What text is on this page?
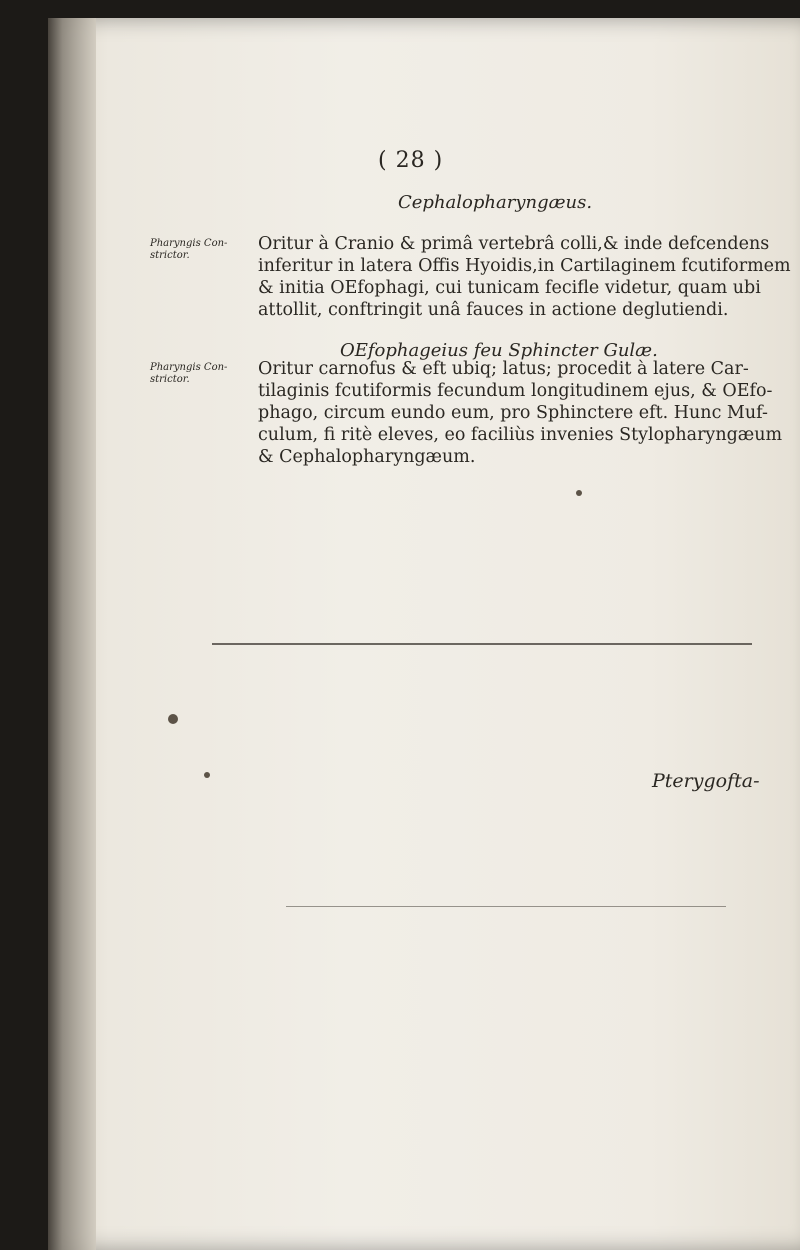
( 28 )
Cephalopharyngæus.
Pharyngis Con-strictor.
Oritur à Cranio & primâ vertebrâ colli,& inde defcendens
inferitur in latera Offis Hyoidis,in Cartilaginem fcutiformem
& initia OEfophagi, cui tunicam fecifle videtur, quam ubi
attollit, conftringit unâ fauces in actione deglutiendi.
OEfophageius feu Sphincter Gulæ.
Pharyngis Con-strictor.
Oritur carnofus & eft ubiq; latus; procedit à latere Car-
tilaginis fcutiformis fecundum longitudinem ejus, & OEfo-
phago, circum eundo eum, pro Sphinctere eft. Hunc Muf-
culum, fi ritè eleves, eo faciliùs invenies Stylopharyngæum
& Cephalopharyngæum.
Pterygofta-
